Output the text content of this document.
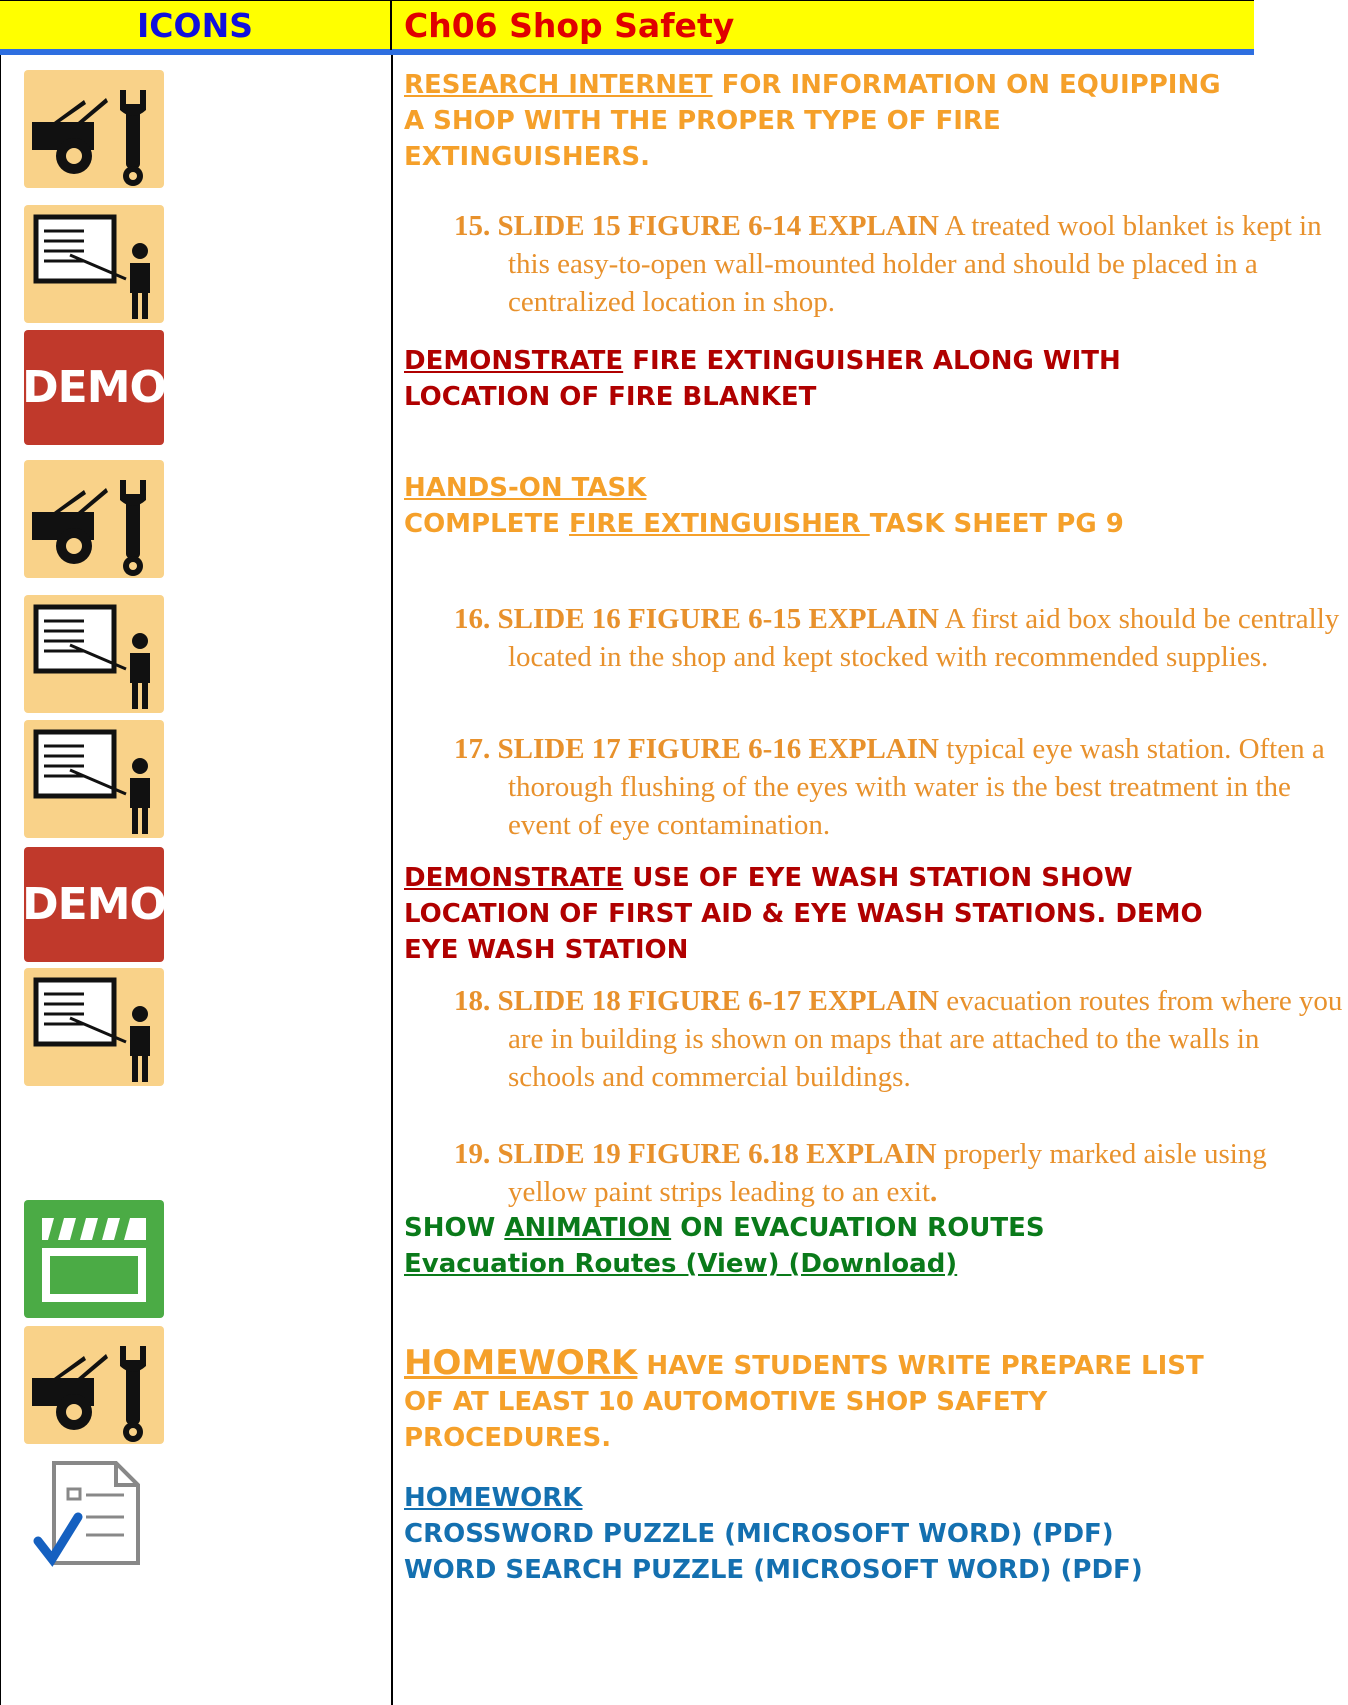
ICONS	Ch06 Shop Safety
DEMO
DEMO
RESEARCH INTERNET FOR INFORMATION ON EQUIPPING A SHOP WITH THE PROPER TYPE OF FIRE EXTINGUISHERS.
15. SLIDE 15 FIGURE 6-14 EXPLAIN A treated wool blanket is kept in this easy-to-open wall-mounted holder and should be placed in a centralized location in shop.
DEMONSTRATE FIRE EXTINGUISHER ALONG WITH LOCATION OF FIRE BLANKET
HANDS-ON TASK
COMPLETE FIRE EXTINGUISHER TASK SHEET PG 9
16. SLIDE 16 FIGURE 6-15 EXPLAIN A first aid box should be centrally located in the shop and kept stocked with recommended supplies.
17. SLIDE 17 FIGURE 6-16 EXPLAIN typical eye wash station. Often a thorough flushing of the eyes with water is the best treatment in the event of eye contamination.
DEMONSTRATE USE OF EYE WASH STATION SHOW LOCATION OF FIRST AID & EYE WASH STATIONS. DEMO EYE WASH STATION
18. SLIDE 18 FIGURE 6-17 EXPLAIN evacuation routes from where you are in building is shown on maps that are attached to the walls in schools and commercial buildings.
19. SLIDE 19 FIGURE 6.18 EXPLAIN properly marked aisle using yellow paint strips leading to an exit.
SHOW ANIMATION ON EVACUATION ROUTES
Evacuation Routes (View) (Download)
HOMEWORK HAVE STUDENTS WRITE PREPARE LIST OF AT LEAST 10 AUTOMOTIVE SHOP SAFETY PROCEDURES.
HOMEWORK
CROSSWORD PUZZLE (MICROSOFT WORD) (PDF)
WORD SEARCH PUZZLE (MICROSOFT WORD) (PDF)
